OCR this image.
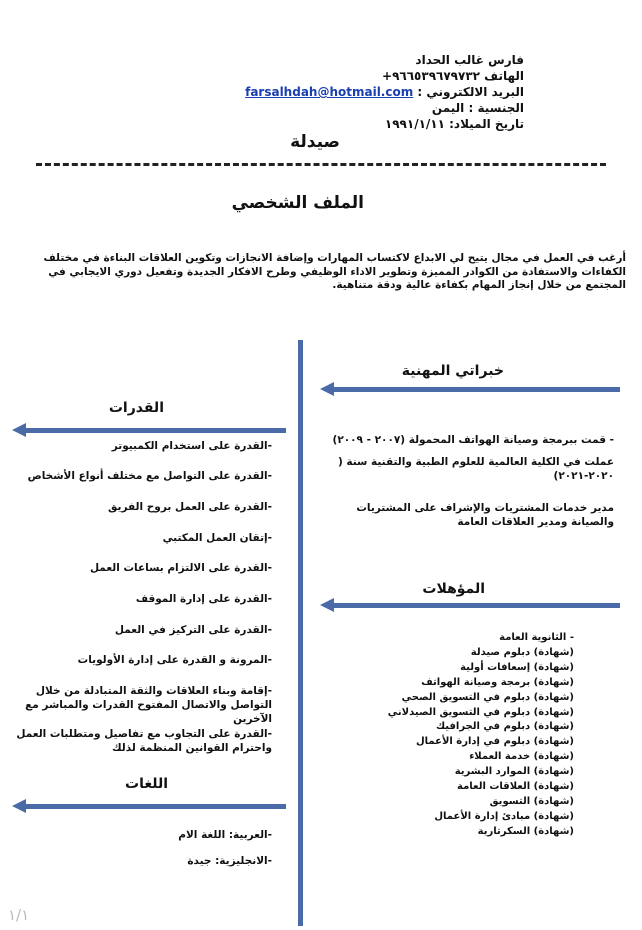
فارس غالب الحداد
الهاتف ٩٦٦٥٣٩٦٧٩٧٣٢+
البريد الالكتروني : farsalhdah@hotmail.com
الجنسية : اليمن
تاريخ الميلاد: ١٩٩١/١/١١
صيدلة
الملف الشخصي
أرغب في العمل في مجال يتيح لي الابداع لاكتساب المهارات وإضافة الانجازات وتكوين العلاقات البناءة في مختلف الكفاءات والاستفادة من الكوادر المميزة وتطوير الاداء الوظيفي وطرح الافكار الجديدة وتفعيل دوري الايجابي في المجتمع من خلال إنجاز المهام بكفاءة عالية ودقة متناهية.
خبراتي المهنية
- قمت ببرمجة وصيانة الهواتف المحمولة (٢٠٠٧ - ٢٠٠٩)
عملت في الكلية العالمية للعلوم الطبية والتقنية سنة ( ٢٠٢٠-٢٠٢١)
مدير خدمات المشتريات والإشراف على المشتريات والصيانة ومدير العلاقات العامة
المؤهلات
- الثانوية العامة
(شهادة) دبلوم صيدلة
(شهادة) إسعافات أولية
(شهادة) برمجة وصيانة الهواتف
(شهادة) دبلوم في التسويق الصحي
(شهادة) دبلوم في التسويق الصيدلاني
(شهادة) دبلوم في الجرافيك
(شهادة) دبلوم في إدارة الأعمال
(شهادة) خدمة العملاء
(شهادة) الموارد البشرية
(شهادة) العلاقات العامة
(شهادة) التسويق
(شهادة) مبادئ إدارة الأعمال
(شهادة) السكرتارية
القدرات
-القدرة على استخدام الكمبيوتر
-القدرة على التواصل مع مختلف أنواع الأشخاص
-القدرة على العمل بروح الفريق
-إتقان العمل المكتبي
-القدرة على الالتزام بساعات العمل
-القدرة على إدارة الموقف
-القدرة على التركيز في العمل
-المرونة و القدرة على إدارة الأولويات
-إقامة وبناء العلاقات والثقة المتبادلة من خلال التواصل والاتصال المفتوح القدرات والمباشر مع الآخرين
-القدرة على التجاوب مع تفاصيل ومتطلبات العمل واحترام القوانين المنظمة لذلك
اللغات
-العربية: اللغة الام
-الانجليزية: جيدة
١/١
